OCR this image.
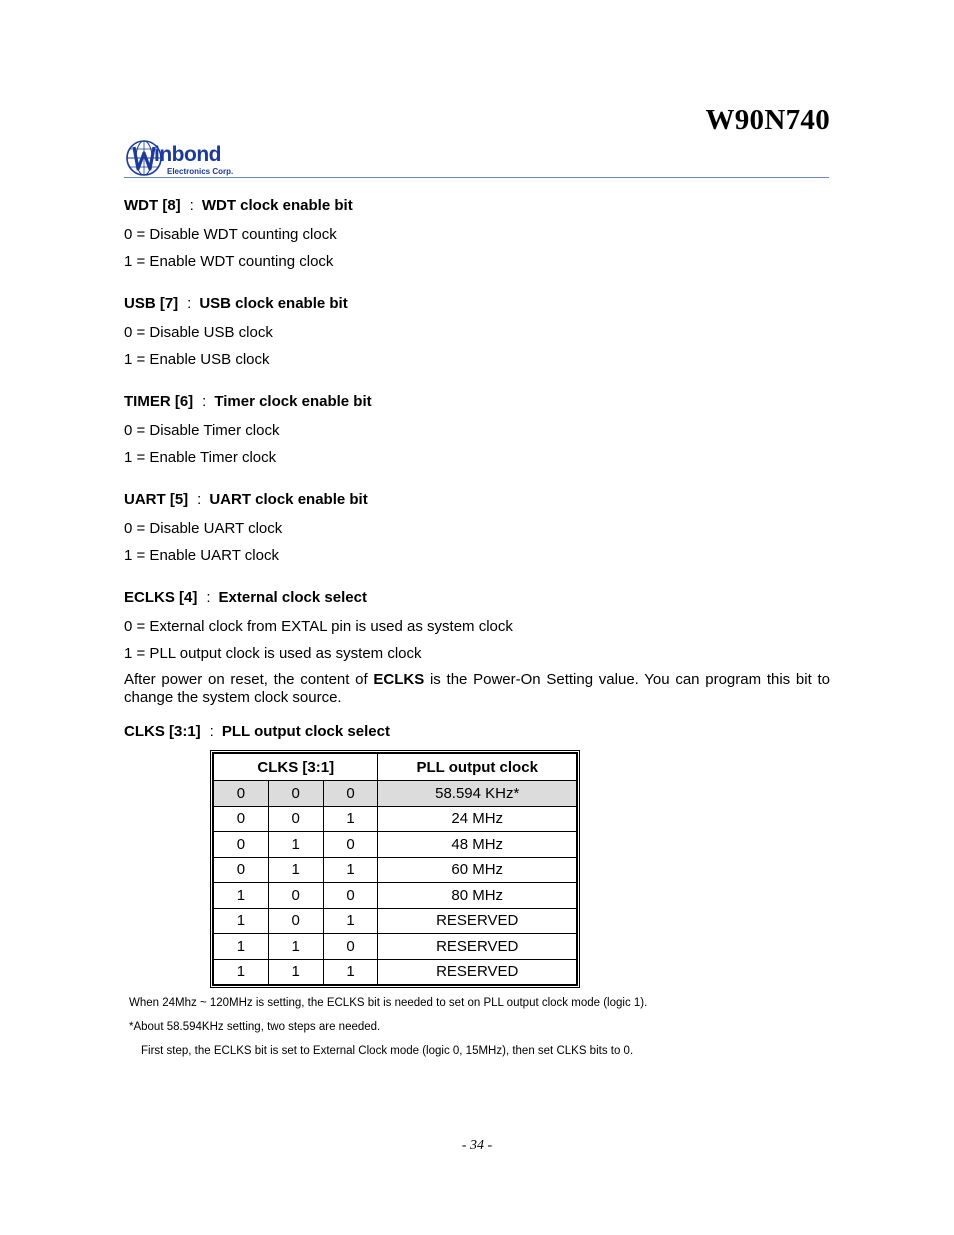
W90N740
inbond
Electronics Corp.

WDT [8] : WDT clock enable bit

0 = Disable WDT counting clock

1 = Enable WDT counting clock

USB [7] : USB clock enable bit

0 = Disable USB clock

1 = Enable USB clock

TIMER [6] : Timer clock enable bit

0 = Disable Timer clock

1 = Enable Timer clock

UART [5] : UART clock enable bit

0 = Disable UART clock

1 = Enable UART clock

ECLKS [4] : External clock select

0 = External clock from EXTAL pin is used as system clock

1 = PLL output clock is used as system clock

After power on reset, the content of ECLKS is the Power-On Setting value. You can program this bit to change the system clock source.

CLKS [3:1] : PLL output clock select

CLKS [3:1]			PLL output clock
0	0	0	58.594 KHz*
0	0	1	24 MHz
0	1	0	48 MHz
0	1	1	60 MHz
1	0	0	80 MHz
1	0	1	RESERVED
1	1	0	RESERVED
1	1	1	RESERVED

When 24Mhz ~ 120MHz is setting, the ECLKS bit is needed to set on PLL output clock mode (logic 1).

*About 58.594KHz setting, two steps are needed.

First step, the ECLKS bit is set to External Clock mode (logic 0, 15MHz), then set CLKS bits to 0.

- 34 -
